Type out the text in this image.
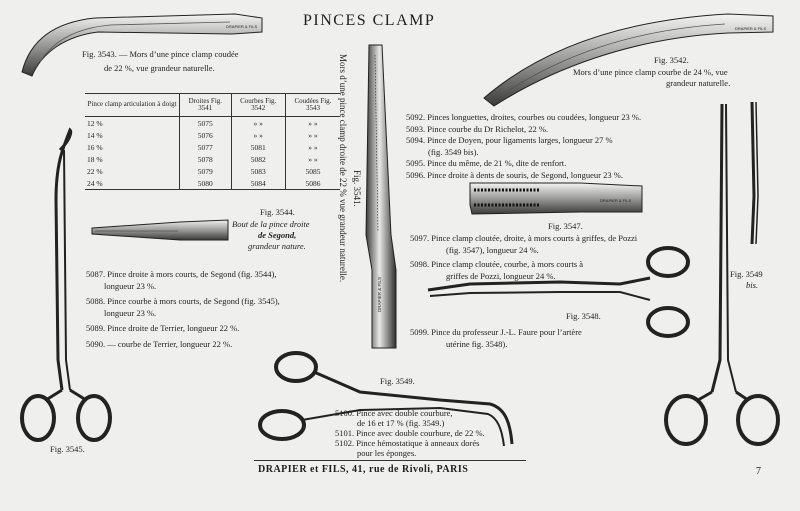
DRAPIER & FILS	DRAPIER & FILS
DRAPIER & FILS
DRAPIER & FILS
PINCES CLAMP
Fig. 3543. — Mors d’une pince clamp coudée
de 22 %, vue grandeur naturelle.
Fig. 3542.
Mors d’une pince clamp courbe de 24 %, vue
grandeur naturelle.
Mors d’une pince clamp droite de 22 % vue grandeur naturelle. Fig. 3541.
Pince clamp articulation à doigt	Droites Fig. 3541	Courbes Fig. 3542	Coudées Fig. 3543
12 %	5075	» »	» »
14 %	5076	» »	» »
16 %	5077	5081	» »
18 %	5078	5082	» »
22 %	5079	5083	5085
24 %	5080	5084	5086
Fig. 3544.
Bout de la pince droite
de Segond,
grandeur nature.
5087. Pince droite à mors courts, de Segond (fig. 3544),
longueur 23 %.
5088. Pince courbe à mors courts, de Segond (fig. 3545),
longueur 23 %.
5089. Pince droite de Terrier, longueur 22 %.
5090. — courbe de Terrier, longueur 22 %.
5092. Pinces longuettes, droites, courbes ou coudées, longueur 23 %.
5093. Pince courbe du Dr Richelot, 22 %.
5094. Pince de Doyen, pour ligaments larges, longueur 27 %
(fig. 3549 bis).
5095. Pince du même, de 21 %, dite de renfort.
5096. Pince droite à dents de souris, de Segond, longueur 23 %.
Fig. 3547.
5097. Pince clamp cloutée, droite, à mors courts à griffes, de Pozzi
(fig. 3547), longueur 24 %.
5098. Pince clamp cloutée, courbe, à mors courts à
griffes de Pozzi, longueur 24 %.
Fig. 3548.
5099. Pince du professeur J.-L. Faure pour l’artère
utérine fig. 3548).
Fig. 3549
bis.
Fig. 3549.
5100. Pince avec double courbure,
de 16 et 17 % (fig. 3549.)
5101. Pince avec double courbure, de 22 %.
5102. Pince hémostatique à anneaux dorés
pour les éponges.
Fig. 3545.
DRAPIER et FILS, 41, rue de Rivoli, PARIS	7
